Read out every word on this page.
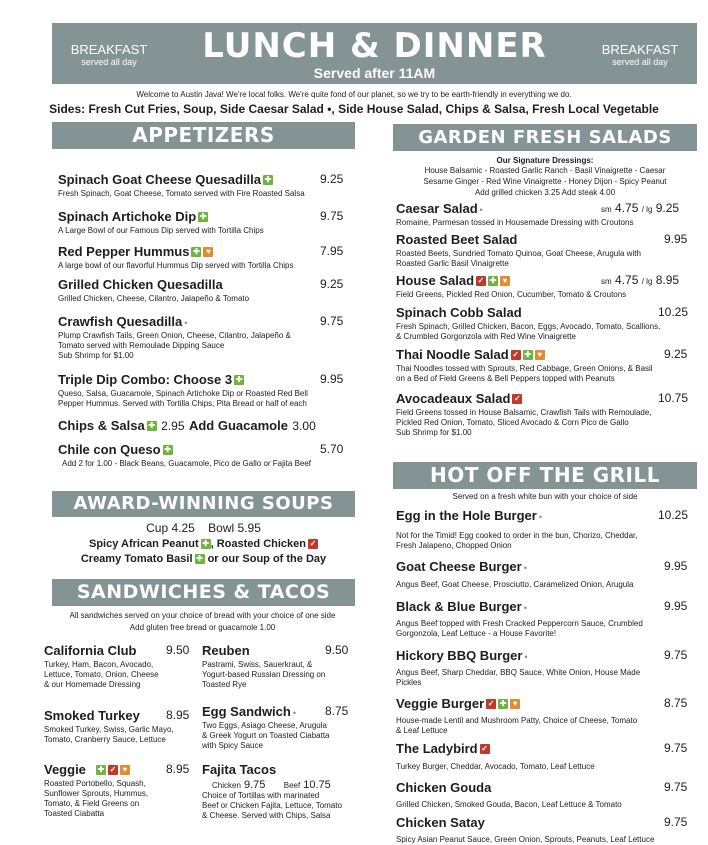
BREAKFAST
served all day	LUNCH & DINNER
Served after 11AM
BREAKFAST
served all day
Welcome to Austin Java! We're local folks. We're quite fond of our planet, so we try to be earth-friendly in everything we do.
Sides: Fresh Cut Fries, Soup, Side Caesar Salad •, Side House Salad, Chips & Salsa, Fresh Local Vegetable
APPETIZERS
Spinach Goat Cheese Quesadilla ✚	9.25
Fresh Spinach, Goat Cheese, Tomato served with Fire Roasted Salsa
Spinach Artichoke Dip ✚	9.75
A Large Bowl of our Famous Dip served with Tortilla Chips
Red Pepper Hummus ✚ ♥	7.95
A large bowl of our flavorful Hummus Dip served with Tortilla Chips
Grilled Chicken Quesadilla	9.25
Grilled Chicken, Cheese, Cilantro, Jalapeño & Tomato
Crawfish Quesadilla •	9.75
Plump Crawfish Tails, Green Onion, Cheese, Cilantro, Jalapeño &
Tomato served with Remoulade Dipping Sauce
Sub Shrimp for $1.00
Triple Dip Combo: Choose 3 ✚	9.95
Queso, Salsa, Guacamole, Spinach Artichoke Dip or Roasted Red Bell
Pepper Hummus. Served with Tortilla Chips, Pita Bread or half of each
Chips & Salsa ✚ 2.95 Add Guacamole 3.00
Chile con Queso ✚	5.70
Add 2 for 1.00 - Black Beans, Guacamole, Pico de Gallo or Fajita Beef
AWARD-WINNING SOUPS
Cup 4.25 Bowl 5.95
Spicy African Peanut ✚ , Roasted Chicken ✓
Creamy Tomato Basil ✚ or our Soup of the Day
SANDWICHES & TACOS
All sandwiches served on your choice of bread with your choice of one side
Add gluten free bread or guacamole 1.00
California Club 9.50
Turkey, Ham, Bacon, Avocado,
Lettuce, Tomato, Onion, Cheese
& our Homemade Dressing
Smoked Turkey 8.95
Smoked Turkey, Swiss, Garlic Mayo,
Tomato, Cranberry Sauce, Lettuce
Veggie ✚ ✓ ♥	8.95
Roasted Portobello, Squash,
Sunflower Sprouts, Hummus,
Tomato, & Field Greens on
Toasted Ciabatta
Reuben	9.50
Pastrami, Swiss, Sauerkraut, &
Yogurt-based Russian Dressing on
Toasted Rye
Egg Sandwich • 8.75
Two Eggs, Asiago Cheese, Arugula
& Greek Yogurt on Toasted Ciabatta
with Spicy Sauce
Fajita Tacos
Chicken 9.75 Beef 10.75
Choice of Tortillas with marinated
Beef or Chicken Fajita, Lettuce, Tomato
& Cheese. Served with Chips, Salsa
GARDEN FRESH SALADS
Our Signature Dressings:
House Balsamic - Roasted Garlic Ranch - Basil Vinaigrette - Caesar
Sesame Ginger - Red Wine Vinaigrette - Honey Dijon - Spicy Peanut
Add grilled chicken 3.25 Add steak 4.00
Caesar Salad •	sm 4.75 / lg 9.25
Romaine, Parmesan tossed in Housemade Dressing with Croutons
Roasted Beet Salad	9.95
Roasted Beets, Sundried Tomato Quinoa, Goat Cheese, Arugula with
Roasted Garlic Basil Vinaigrette
House Salad ✓ ✚ ♥	sm 4.75 / lg 8.95
Field Greens, Pickled Red Onion, Cucumber, Tomato & Croutons
Spinach Cobb Salad	10.25
Fresh Spinach, Grilled Chicken, Bacon, Eggs, Avocado, Tomato, Scallions,
& Crumbled Gorgonzola with Red Wine Vinaigrette
Thai Noodle Salad ✓ ✚ ♥	9.25
Thai Noodles tossed with Sprouts, Red Cabbage, Green Onions, & Basil
on a Bed of Field Greens & Bell Peppers topped with Peanuts
Avocadeaux Salad ✓	10.75
Field Greens tossed in House Balsamic, Crawfish Tails with Remoulade,
Pickled Red Onion, Tomato, Sliced Avocado & Corn Pico de Gallo
Sub Shrimp for $1.00
HOT OFF THE GRILL
Served on a fresh white bun with your choice of side
Egg in the Hole Burger •	10.25
Not for the Timid! Egg cooked to order in the bun, Chorizo, Cheddar,
Fresh Jalapeno, Chopped Onion
Goat Cheese Burger •	9.95
Angus Beef, Goat Cheese, Prosciutto, Caramelized Onion, Arugula
Black & Blue Burger •	9.95
Angus Beef topped with Fresh Cracked Peppercorn Sauce, Crumbled
Gorgonzola, Leaf Lettuce - a House Favorite!
Hickory BBQ Burger •	9.75
Angus Beef, Sharp Cheddar, BBQ Sauce, White Onion, House Made
Pickles
Veggie Burger ✓ ✚ ♥	8.75
House-made Lentil and Mushroom Patty, Choice of Cheese, Tomato
& Leaf Lettuce
The Ladybird ✓	9.75
Turkey Burger, Cheddar, Avocado, Tomato, Leaf Lettuce
Chicken Gouda	9.75
Grilled Chicken, Smoked Gouda, Bacon, Leaf Lettuce & Tomato
Chicken Satay	9.75
Spicy Asian Peanut Sauce, Green Onion, Sprouts, Peanuts, Leaf Lettuce
